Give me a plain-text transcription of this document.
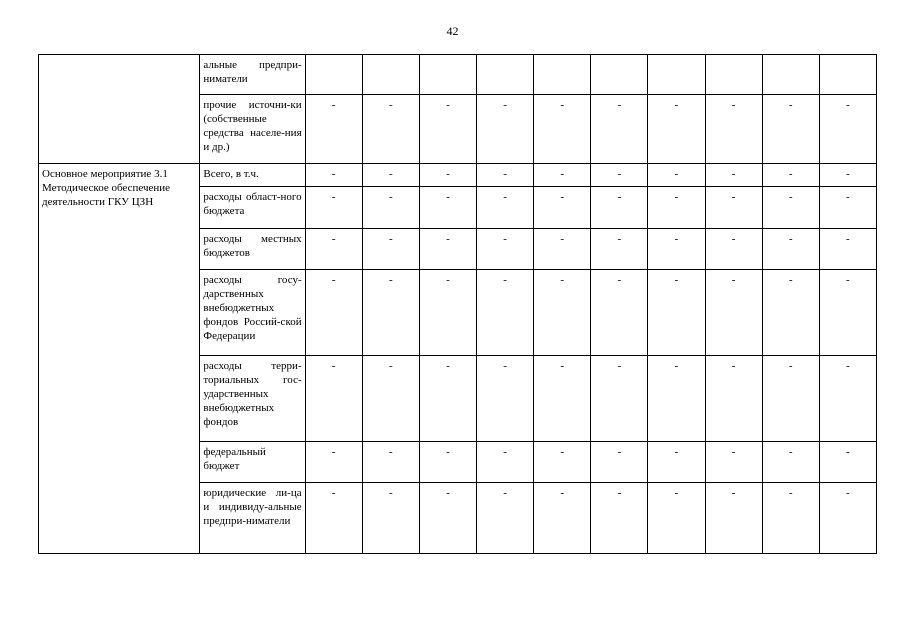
42
	альные предпри-ниматели										
	прочие источни-ки (собственные средства населе-ния и др.)	-	-	-	-	-	-	-	-	-	-
Основное мероприятие 3.1 Методическое обеспечение деятельности ГКУ ЦЗН	Всего, в т.ч.	-	-	-	-	-	-	-	-	-	-
	расходы област-ного бюджета	-	-	-	-	-	-	-	-	-	-
	расходы местных бюджетов	-	-	-	-	-	-	-	-	-	-
	расходы госу-дарственных внебюджетных фондов Россий-ской Федерации	-	-	-	-	-	-	-	-	-	-
	расходы терри-ториальных гос-ударственных внебюджетных фондов	-	-	-	-	-	-	-	-	-	-
	федеральный бюджет	-	-	-	-	-	-	-	-	-	-
	юридические ли-ца и индивиду-альные предпри-ниматели	-	-	-	-	-	-	-	-	-	-
